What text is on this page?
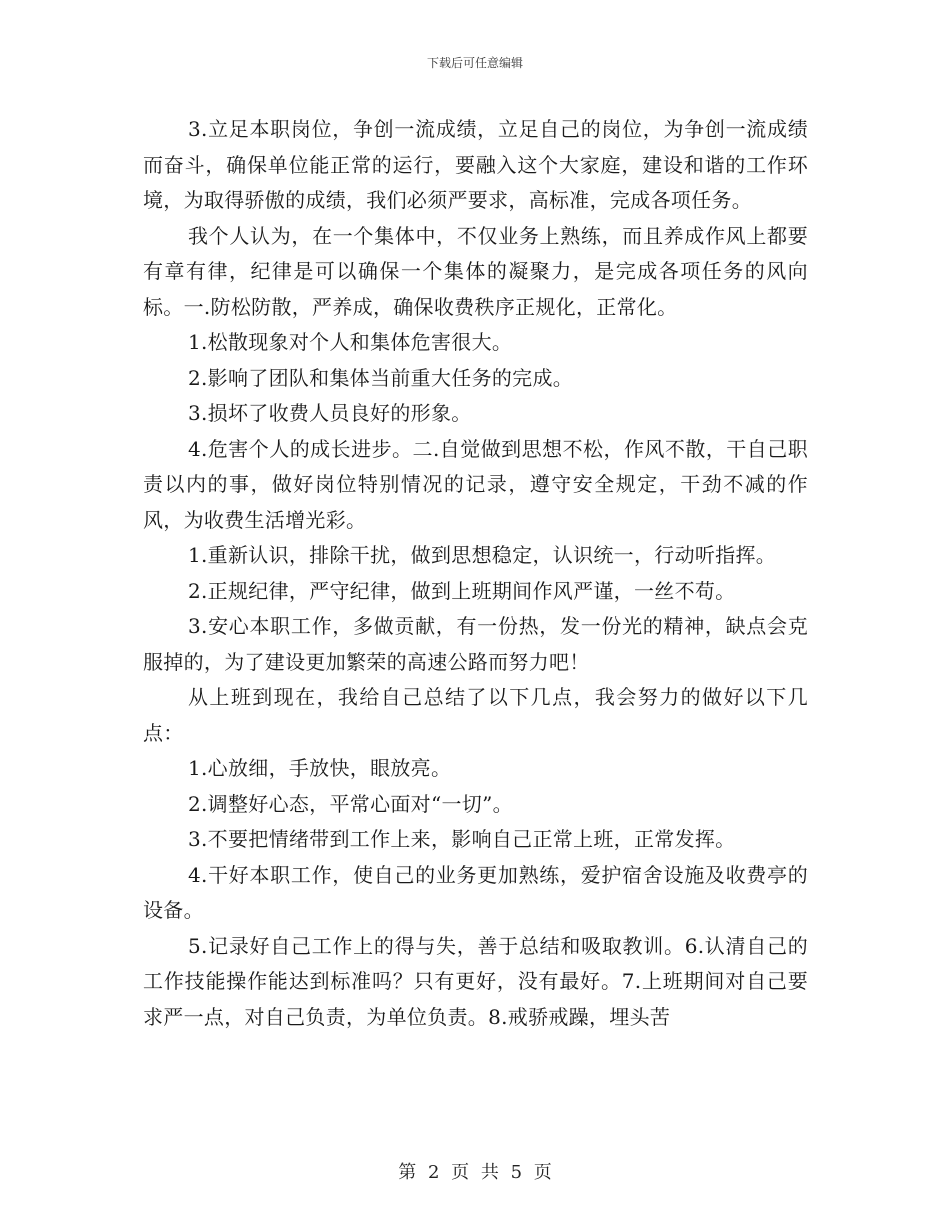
下载后可任意编辑

3.立足本职岗位，争创一流成绩，立足自己的岗位，为争创一流成绩而奋斗，确保单位能正常的运行，要融入这个大家庭，建设和谐的工作环境，为取得骄傲的成绩，我们必须严要求，高标准，完成各项任务。

我个人认为，在一个集体中，不仅业务上熟练，而且养成作风上都要有章有律，纪律是可以确保一个集体的凝聚力，是完成各项任务的风向标。一.防松防散，严养成，确保收费秩序正规化，正常化。

1.松散现象对个人和集体危害很大。

2.影响了团队和集体当前重大任务的完成。

3.损坏了收费人员良好的形象。

4.危害个人的成长进步。二.自觉做到思想不松，作风不散，干自己职责以内的事，做好岗位特别情况的记录，遵守安全规定，干劲不减的作风，为收费生活增光彩。

1.重新认识，排除干扰，做到思想稳定，认识统一，行动听指挥。

2.正规纪律，严守纪律，做到上班期间作风严谨，一丝不苟。

3.安心本职工作，多做贡献，有一份热，发一份光的精神，缺点会克服掉的，为了建设更加繁荣的高速公路而努力吧！

从上班到现在，我给自己总结了以下几点，我会努力的做好以下几点：

1.心放细，手放快，眼放亮。

2.调整好心态，平常心面对“一切”。

3.不要把情绪带到工作上来，影响自己正常上班，正常发挥。

4.干好本职工作，使自己的业务更加熟练，爱护宿舍设施及收费亭的设备。

5.记录好自己工作上的得与失，善于总结和吸取教训。6.认清自己的工作技能操作能达到标准吗？只有更好，没有最好。7.上班期间对自己要求严一点，对自己负责，为单位负责。8.戒骄戒躁，埋头苦

第 2 页 共 5 页
